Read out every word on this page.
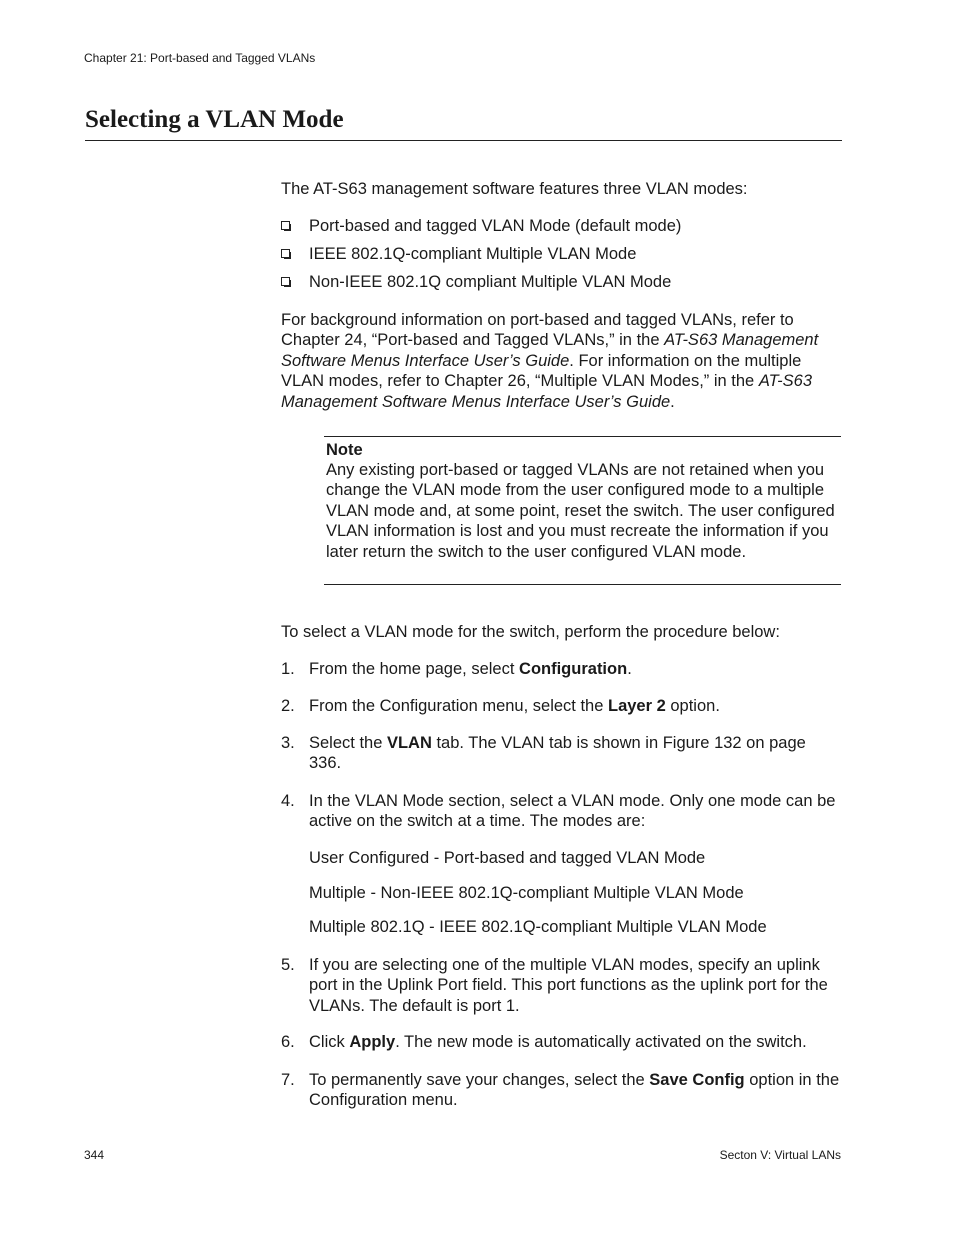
Chapter 21: Port-based and Tagged VLANs
Selecting a VLAN Mode

The AT-S63 management software features three VLAN modes:

Port-based and tagged VLAN Mode (default mode)
IEEE 802.1Q-compliant Multiple VLAN Mode
Non-IEEE 802.1Q compliant Multiple VLAN Mode

For background information on port-based and tagged VLANs, refer to Chapter 24, “Port-based and Tagged VLANs,” in the AT-S63 Management Software Menus Interface User’s Guide. For information on the multiple VLAN modes, refer to Chapter 26, “Multiple VLAN Modes,” in the AT-S63 Management Software Menus Interface User’s Guide.

Note

Any existing port-based or tagged VLANs are not retained when you change the VLAN mode from the user configured mode to a multiple VLAN mode and, at some point, reset the switch. The user configured VLAN information is lost and you must recreate the information if you later return the switch to the user configured VLAN mode.

To select a VLAN mode for the switch, perform the procedure below:

1. From the home page, select Configuration.

2. From the Configuration menu, select the Layer 2 option.

3. Select the VLAN tab. The VLAN tab is shown in Figure 132 on page 336.

4. In the VLAN Mode section, select a VLAN mode. Only one mode can be active on the switch at a time. The modes are:

User Configured - Port-based and tagged VLAN Mode
Multiple - Non-IEEE 802.1Q-compliant Multiple VLAN Mode
Multiple 802.1Q - IEEE 802.1Q-compliant Multiple VLAN Mode
5. If you are selecting one of the multiple VLAN modes, specify an uplink port in the Uplink Port field. This port functions as the uplink port for the VLANs. The default is port 1.

6. Click Apply. The new mode is automatically activated on the switch.

7. To permanently save your changes, select the Save Config option in the Configuration menu.

344	Secton V: Virtual LANs
